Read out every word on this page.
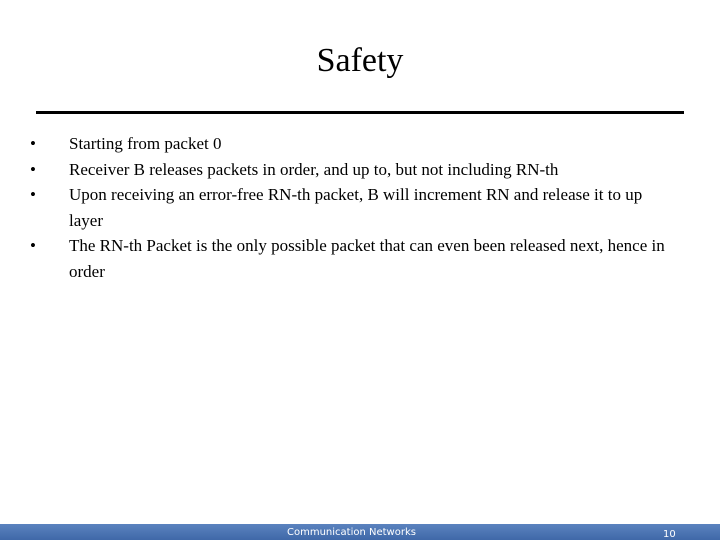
Safety
•	Starting from packet 0
•	Receiver B releases packets in order, and up to, but not including RN-th
•	Upon receiving an error-free RN-th packet, B will increment RN and release it to up layer
•	The RN-th Packet is the only possible packet that can even been released next, hence in order
Communication Networks	10
